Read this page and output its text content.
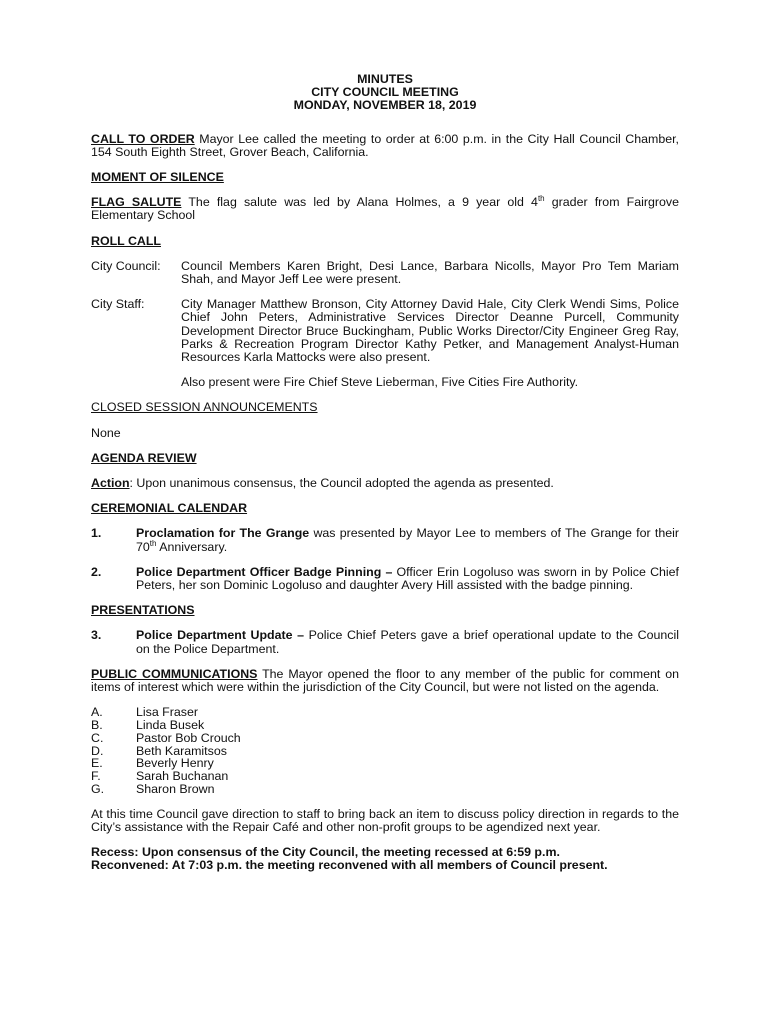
MINUTES

CITY COUNCIL MEETING

MONDAY, NOVEMBER 18, 2019

CALL TO ORDER Mayor Lee called the meeting to order at 6:00 p.m. in the City Hall Council Chamber, 154 South Eighth Street, Grover Beach, California.

MOMENT OF SILENCE

FLAG SALUTE The flag salute was led by Alana Holmes, a 9 year old 4th grader from Fairgrove Elementary School

ROLL CALL

City Council:	Council Members Karen Bright, Desi Lance, Barbara Nicolls, Mayor Pro Tem Mariam Shah, and Mayor Jeff Lee were present.
City Staff:	City Manager Matthew Bronson, City Attorney David Hale, City Clerk Wendi Sims, Police Chief John Peters, Administrative Services Director Deanne Purcell, Community Development Director Bruce Buckingham, Public Works Director/City Engineer Greg Ray, Parks & Recreation Program Director Kathy Petker, and Management Analyst-Human Resources Karla Mattocks were also present.
Also present were Fire Chief Steve Lieberman, Five Cities Fire Authority.

CLOSED SESSION ANNOUNCEMENTS

None

AGENDA REVIEW

Action: Upon unanimous consensus, the Council adopted the agenda as presented.

CEREMONIAL CALENDAR

1.	Proclamation for The Grange was presented by Mayor Lee to members of The Grange for their 70th Anniversary.
2.	Police Department Officer Badge Pinning – Officer Erin Logoluso was sworn in by Police Chief Peters, her son Dominic Logoluso and daughter Avery Hill assisted with the badge pinning.

PRESENTATIONS

3.	Police Department Update – Police Chief Peters gave a brief operational update to the Council on the Police Department.

PUBLIC COMMUNICATIONS The Mayor opened the floor to any member of the public for comment on items of interest which were within the jurisdiction of the City Council, but were not listed on the agenda.

A.	Lisa Fraser
B.	Linda Busek
C.	Pastor Bob Crouch
D.	Beth Karamitsos
E.	Beverly Henry
F.	Sarah Buchanan
G.	Sharon Brown

At this time Council gave direction to staff to bring back an item to discuss policy direction in regards to the City’s assistance with the Repair Café and other non-profit groups to be agendized next year.

Recess: Upon consensus of the City Council, the meeting recessed at 6:59 p.m.

Reconvened: At 7:03 p.m. the meeting reconvened with all members of Council present.
